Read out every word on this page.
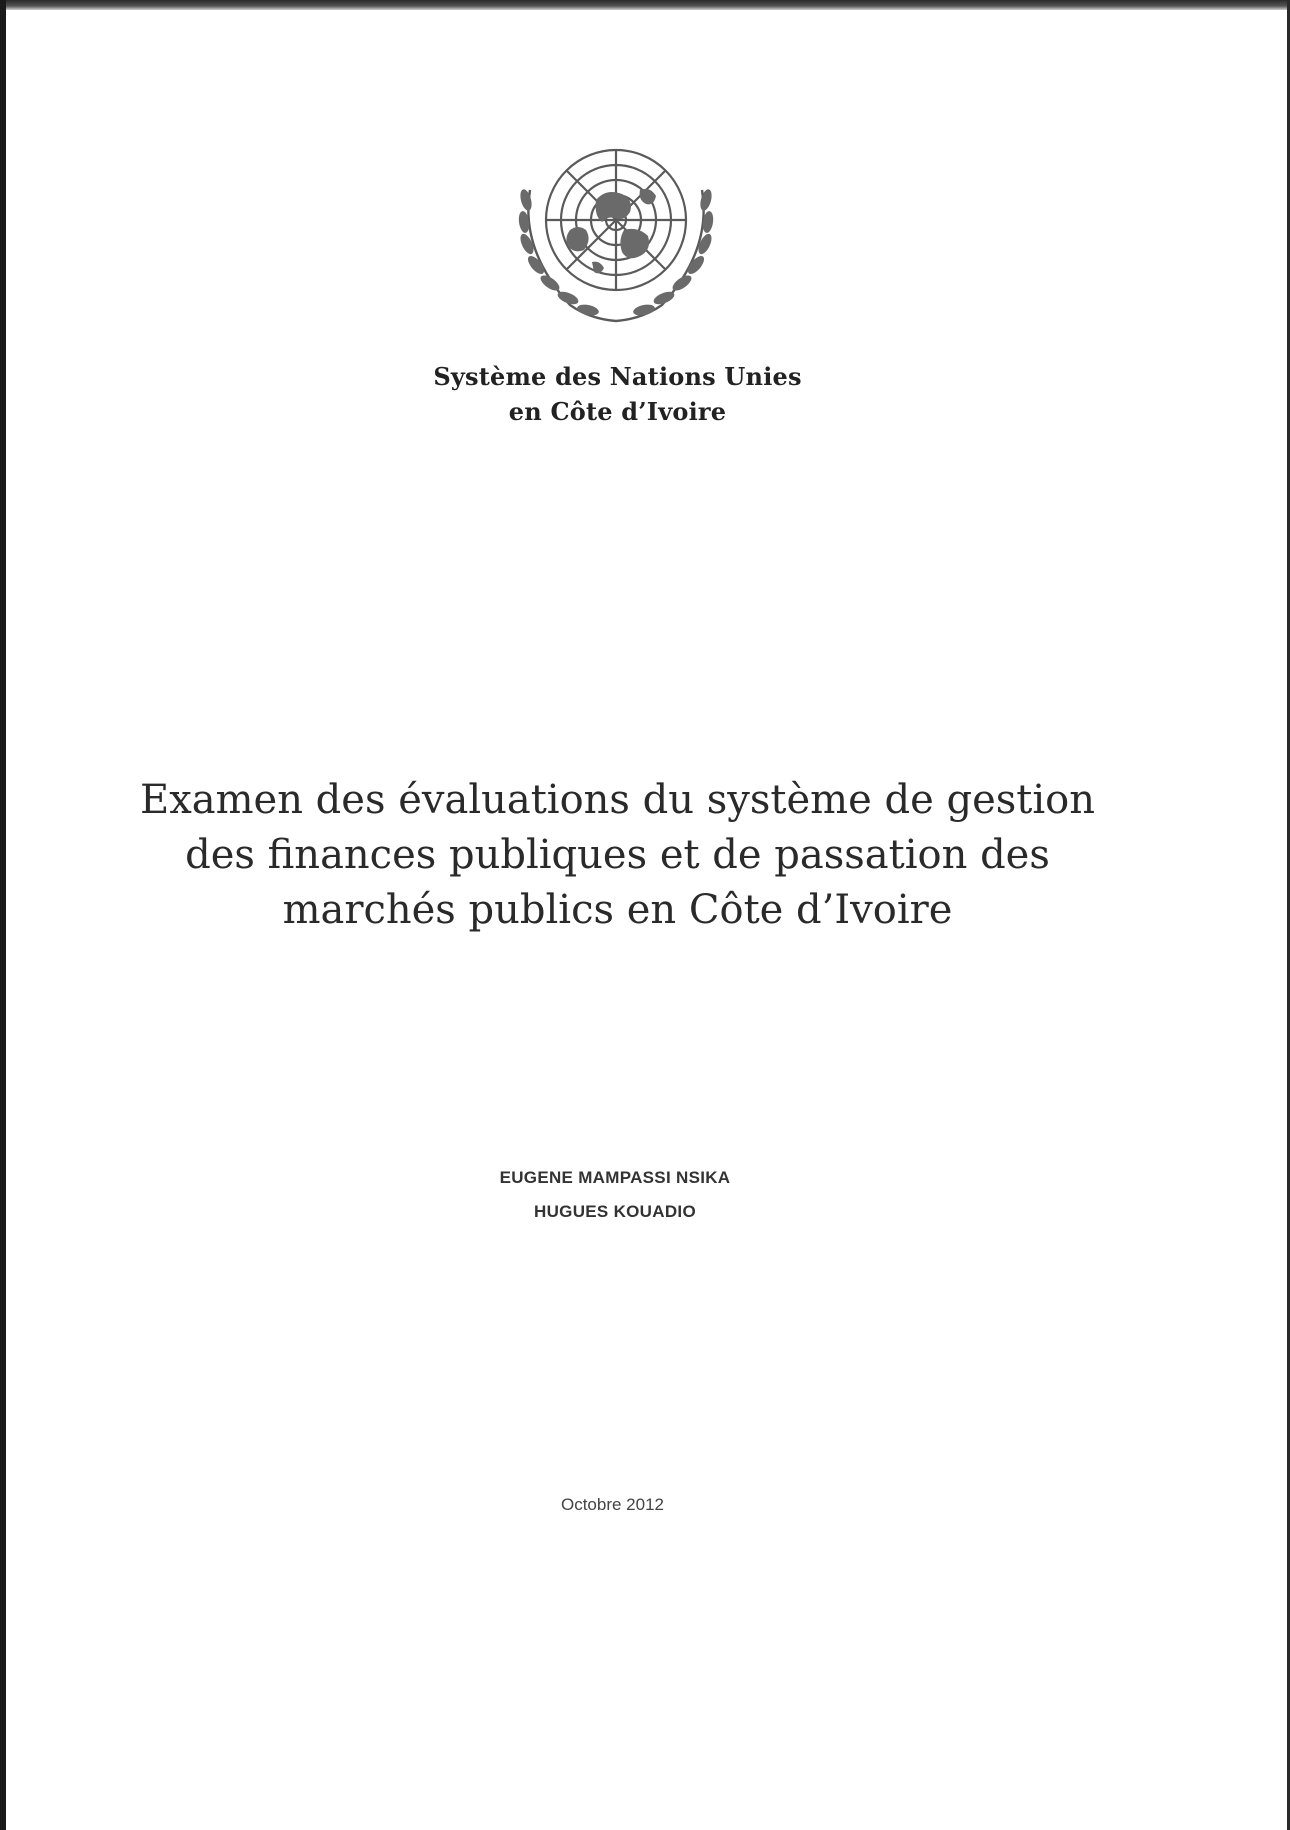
Système des Nations Unies
en Côte d’Ivoire
Examen des évaluations du système de gestion
des finances publiques et de passation des
marchés publics en Côte d’Ivoire
EUGENE MAMPASSI NSIKA
HUGUES KOUADIO
Octobre 2012
